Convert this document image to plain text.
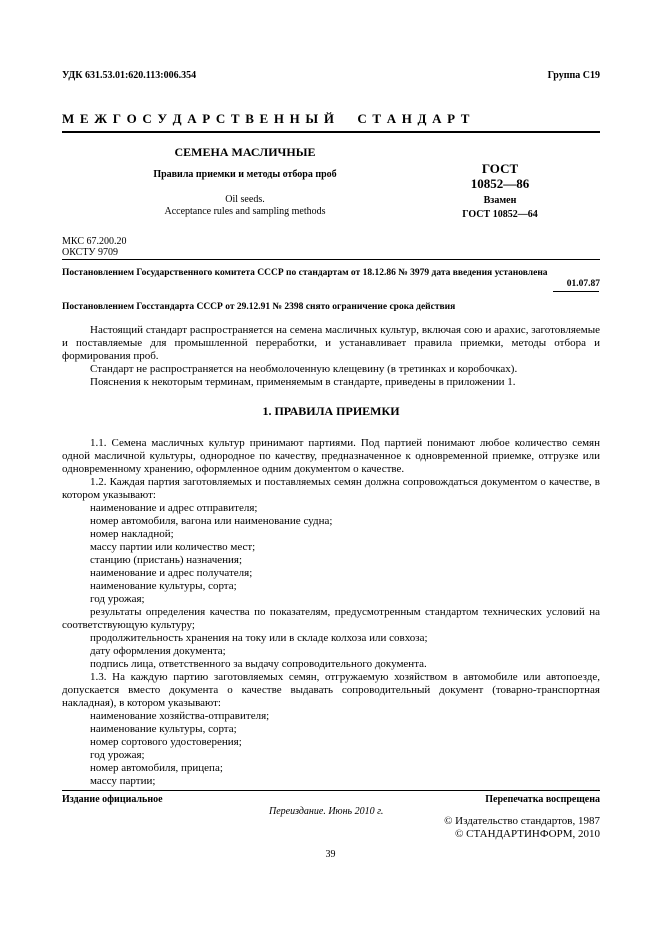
УДК 631.53.01:620.113:006.354	Группа С19
М Е Ж Г О С У Д А Р С Т В Е Н Н Ы Й     С Т А Н Д А Р Т
СЕМЕНА МАСЛИЧНЫЕ
Правила приемки и методы отбора проб
Oil seeds.
Acceptance rules and sampling methods
ГОСТ
10852—86
Взамен
ГОСТ 10852—64
МКС 67.200.20
ОКСТУ 9709
Постановлением Государственного комитета СССР по стандартам от 18.12.86 № 3979 дата введения установлена
01.07.87
Постановлением Госстандарта СССР от 29.12.91 № 2398 снято ограничение срока действия
Настоящий стандарт распространяется на семена масличных культур, включая сою и арахис, заготовляемые и поставляемые для промышленной переработки, и устанавливает правила приемки, методы отбора и формирования проб.
Стандарт не распространяется на необмолоченную клещевину (в третинках и коробочках).
Пояснения к некоторым терминам, применяемым в стандарте, приведены в приложении 1.
1. ПРАВИЛА ПРИЕМКИ
1.1. Семена масличных культур принимают партиями. Под партией понимают любое количество семян одной масличной культуры, однородное по качеству, предназначенное к одновременной приемке, отгрузке или одновременному хранению, оформленное одним документом о качестве.
1.2. Каждая партия заготовляемых и поставляемых семян должна сопровождаться документом о качестве, в котором указывают:
наименование и адрес отправителя;
номер автомобиля, вагона или наименование судна;
номер накладной;
массу партии или количество мест;
станцию (пристань) назначения;
наименование и адрес получателя;
наименование культуры, сорта;
год урожая;
результаты определения качества по показателям, предусмотренным стандартом технических условий на соответствующую культуру;
продолжительность хранения на току или в складе колхоза или совхоза;
дату оформления документа;
подпись лица, ответственного за выдачу сопроводительного документа.
1.3. На каждую партию заготовляемых семян, отгружаемую хозяйством в автомобиле или автопоезде, допускается вместо документа о качестве выдавать сопроводительный документ (товарно-транспортная накладная), в котором указывают:
наименование хозяйства-отправителя;
наименование культуры, сорта;
номер сортового удостоверения;
год урожая;
номер автомобиля, прицепа;
массу партии;
Издание официальное	Перепечатка воспрещена
Переиздание. Июнь 2010 г.
© Издательство стандартов, 1987
© СТАНДАРТИНФОРМ, 2010
39
